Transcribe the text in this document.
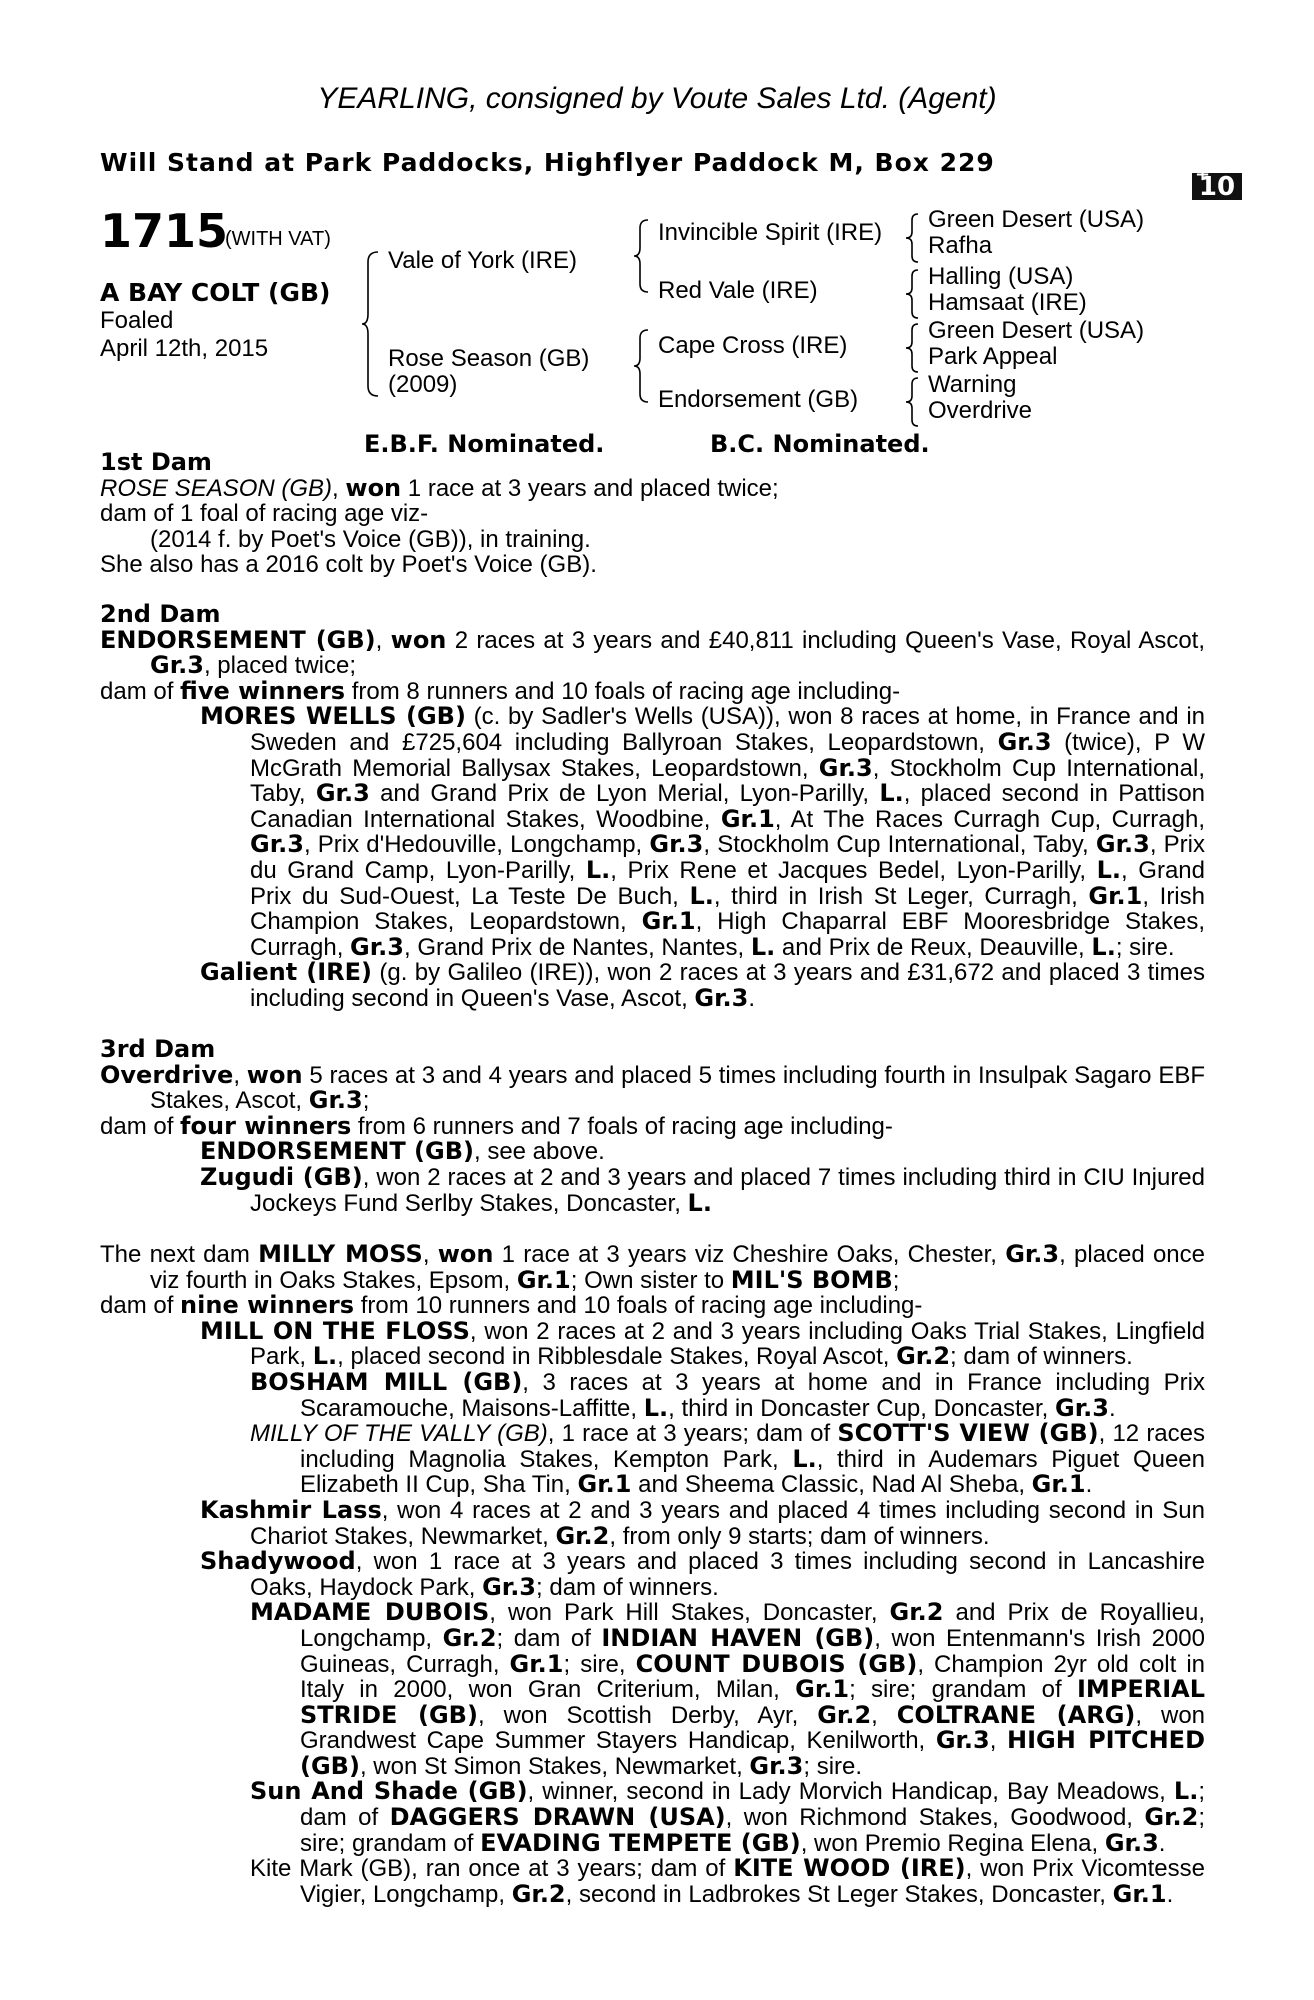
YEARLING, consigned by Voute Sales Ltd. (Agent)
Will Stand at Park Paddocks, Highflyer Paddock M, Box 229
+ 10
1715
(WITH VAT)
A BAY COLT (GB)
Foaled
April 12th, 2015
Vale of York (IRE)
Rose Season (GB)
(2009)
Invincible Spirit (IRE)
Red Vale (IRE)
Cape Cross (IRE)
Endorsement (GB)
Green Desert (USA)
Rafha
Halling (USA)
Hamsaat (IRE)
Green Desert (USA)
Park Appeal
Warning
Overdrive
E.B.F. Nominated.	B.C. Nominated.
1st Dam

ROSE SEASON (GB), won 1 race at 3 years and placed twice;

dam of 1 foal of racing age viz-

(2014 f. by Poet's Voice (GB)), in training.

She also has a 2016 colt by Poet's Voice (GB).

2nd Dam

ENDORSEMENT (GB), won 2 races at 3 years and £40,811 including Queen's Vase, Royal Ascot, Gr.3, placed twice;

dam of five winners from 8 runners and 10 foals of racing age including-

MORES WELLS (GB) (c. by Sadler's Wells (USA)), won 8 races at home, in France and in Sweden and £725,604 including Ballyroan Stakes, Leopardstown, Gr.3 (twice), P W McGrath Memorial Ballysax Stakes, Leopardstown, Gr.3, Stockholm Cup International, Taby, Gr.3 and Grand Prix de Lyon Merial, Lyon-Parilly, L., placed second in Pattison Canadian International Stakes, Woodbine, Gr.1, At The Races Curragh Cup, Curragh, Gr.3, Prix d'Hedouville, Longchamp, Gr.3, Stockholm Cup International, Taby, Gr.3, Prix du Grand Camp, Lyon-Parilly, L., Prix Rene et Jacques Bedel, Lyon-Parilly, L., Grand Prix du Sud-Ouest, La Teste De Buch, L., third in Irish St Leger, Curragh, Gr.1, Irish Champion Stakes, Leopardstown, Gr.1, High Chaparral EBF Mooresbridge Stakes, Curragh, Gr.3, Grand Prix de Nantes, Nantes, L. and Prix de Reux, Deauville, L.; sire.

Galient (IRE) (g. by Galileo (IRE)), won 2 races at 3 years and £31,672 and placed 3 times including second in Queen's Vase, Ascot, Gr.3.

3rd Dam

Overdrive, won 5 races at 3 and 4 years and placed 5 times including fourth in Insulpak Sagaro EBF Stakes, Ascot, Gr.3;

dam of four winners from 6 runners and 7 foals of racing age including-

ENDORSEMENT (GB), see above.

Zugudi (GB), won 2 races at 2 and 3 years and placed 7 times including third in CIU Injured Jockeys Fund Serlby Stakes, Doncaster, L.

The next dam MILLY MOSS, won 1 race at 3 years viz Cheshire Oaks, Chester, Gr.3, placed once viz fourth in Oaks Stakes, Epsom, Gr.1; Own sister to MIL'S BOMB;

dam of nine winners from 10 runners and 10 foals of racing age including-

MILL ON THE FLOSS, won 2 races at 2 and 3 years including Oaks Trial Stakes, Lingfield Park, L., placed second in Ribblesdale Stakes, Royal Ascot, Gr.2; dam of winners.

BOSHAM MILL (GB), 3 races at 3 years at home and in France including Prix Scaramouche, Maisons-Laffitte, L., third in Doncaster Cup, Doncaster, Gr.3.

MILLY OF THE VALLY (GB), 1 race at 3 years; dam of SCOTT'S VIEW (GB), 12 races including Magnolia Stakes, Kempton Park, L., third in Audemars Piguet Queen Elizabeth II Cup, Sha Tin, Gr.1 and Sheema Classic, Nad Al Sheba, Gr.1.

Kashmir Lass, won 4 races at 2 and 3 years and placed 4 times including second in Sun Chariot Stakes, Newmarket, Gr.2, from only 9 starts; dam of winners.

Shadywood, won 1 race at 3 years and placed 3 times including second in Lancashire Oaks, Haydock Park, Gr.3; dam of winners.

MADAME DUBOIS, won Park Hill Stakes, Doncaster, Gr.2 and Prix de Royallieu, Longchamp, Gr.2; dam of INDIAN HAVEN (GB), won Entenmann's Irish 2000 Guineas, Curragh, Gr.1; sire, COUNT DUBOIS (GB), Champion 2yr old colt in Italy in 2000, won Gran Criterium, Milan, Gr.1; sire; grandam of IMPERIAL STRIDE (GB), won Scottish Derby, Ayr, Gr.2, COLTRANE (ARG), won Grandwest Cape Summer Stayers Handicap, Kenilworth, Gr.3, HIGH PITCHED (GB), won St Simon Stakes, Newmarket, Gr.3; sire.

Sun And Shade (GB), winner, second in Lady Morvich Handicap, Bay Meadows, L.; dam of DAGGERS DRAWN (USA), won Richmond Stakes, Goodwood, Gr.2; sire; grandam of EVADING TEMPETE (GB), won Premio Regina Elena, Gr.3.

Kite Mark (GB), ran once at 3 years; dam of KITE WOOD (IRE), won Prix Vicomtesse Vigier, Longchamp, Gr.2, second in Ladbrokes St Leger Stakes, Doncaster, Gr.1.
